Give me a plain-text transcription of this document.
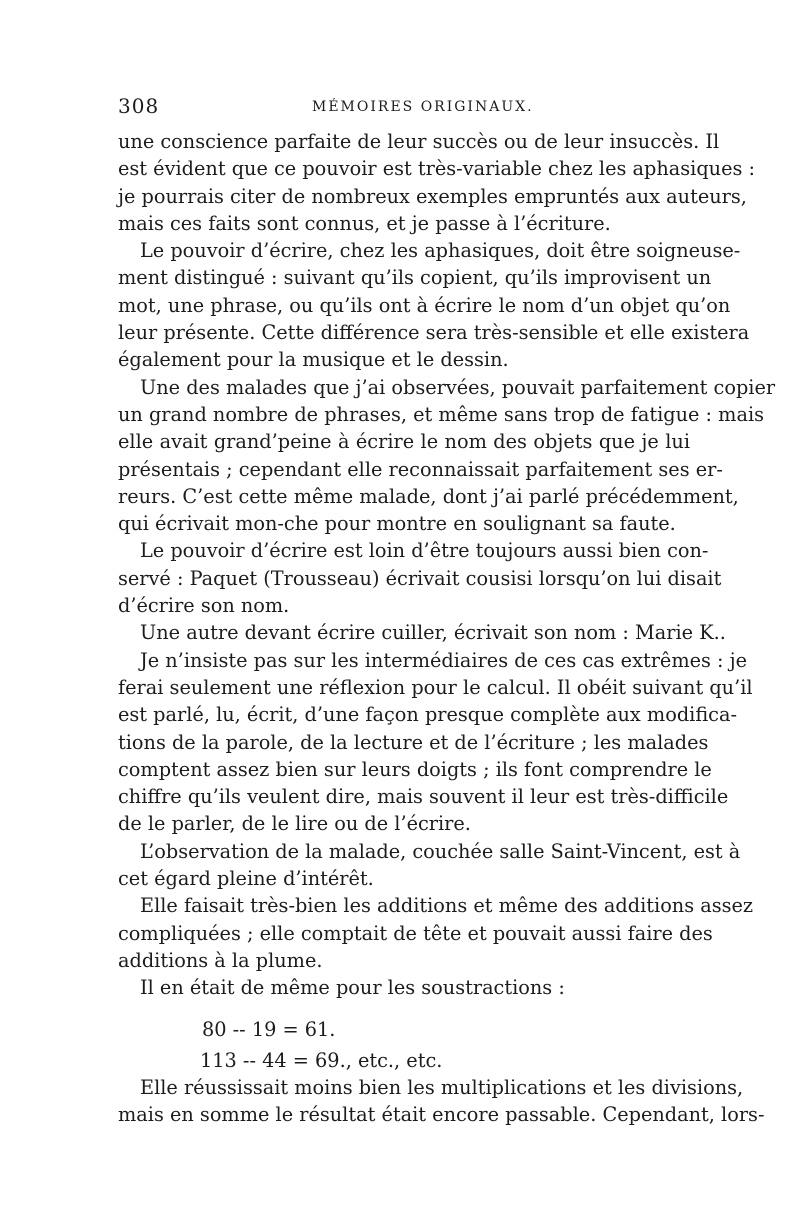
308	MÉMOIRES ORIGINAUX.
une conscience parfaite de leur succès ou de leur insuccès. Il
est évident que ce pouvoir est très-variable chez les aphasiques :
je pourrais citer de nombreux exemples empruntés aux auteurs,
mais ces faits sont connus, et je passe à l’écriture.
Le pouvoir d’écrire, chez les aphasiques, doit être soigneuse-
ment distingué : suivant qu’ils copient, qu’ils improvisent un
mot, une phrase, ou qu’ils ont à écrire le nom d’un objet qu’on
leur présente. Cette différence sera très-sensible et elle existera
également pour la musique et le dessin.
Une des malades que j’ai observées, pouvait parfaitement copier
un grand nombre de phrases, et même sans trop de fatigue : mais
elle avait grand’peine à écrire le nom des objets que je lui
présentais ; cependant elle reconnaissait parfaitement ses er-
reurs. C’est cette même malade, dont j’ai parlé précédemment,
qui écrivait mon-che pour montre en soulignant sa faute.
Le pouvoir d’écrire est loin d’être toujours aussi bien con-
servé : Paquet (Trousseau) écrivait cousisi lorsqu’on lui disait
d’écrire son nom.
Une autre devant écrire cuiller, écrivait son nom : Marie K..
Je n’insiste pas sur les intermédiaires de ces cas extrêmes : je
ferai seulement une réflexion pour le calcul. Il obéit suivant qu’il
est parlé, lu, écrit, d’une façon presque complète aux modifica-
tions de la parole, de la lecture et de l’écriture ; les malades
comptent assez bien sur leurs doigts ; ils font comprendre le
chiffre qu’ils veulent dire, mais souvent il leur est très-difficile
de le parler, de le lire ou de l’écrire.
L’observation de la malade, couchée salle Saint-Vincent, est à
cet égard pleine d’intérêt.
Elle faisait très-bien les additions et même des additions assez
compliquées ; elle comptait de tête et pouvait aussi faire des
additions à la plume.
Il en était de même pour les soustractions :
80 -- 19 = 61.
113 -- 44 = 69., etc., etc.
Elle réussissait moins bien les multiplications et les divisions,
mais en somme le résultat était encore passable. Cependant, lors-
